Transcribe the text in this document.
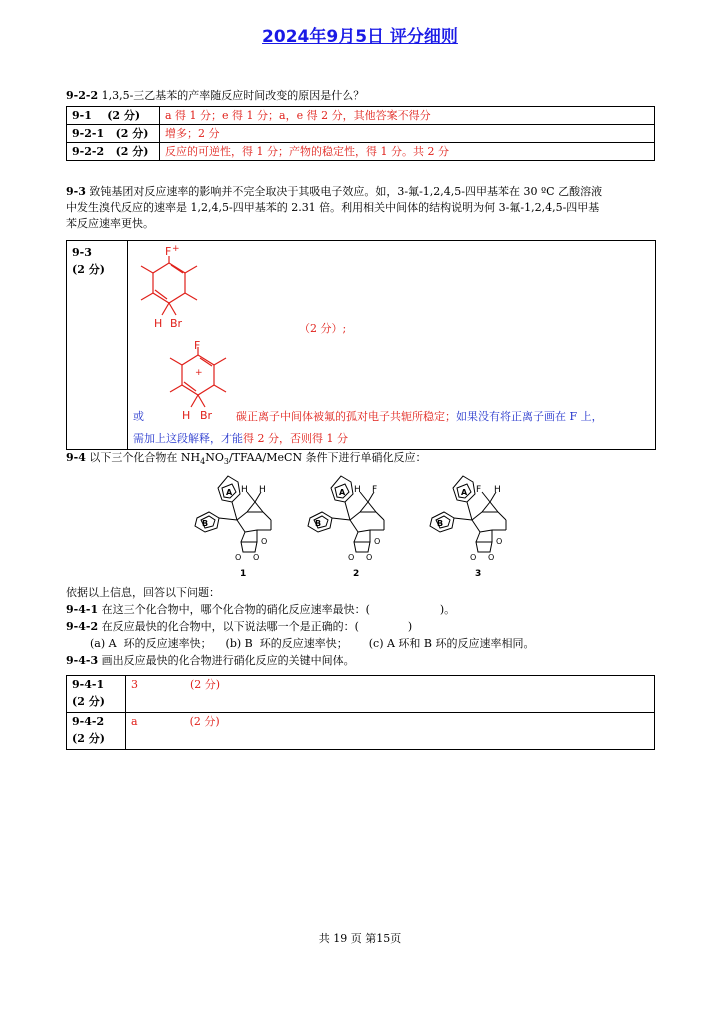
2024年9月5日 评分细则
9-2-2 1,3,5-三乙基苯的产率随反应时间改变的原因是什么？
9-1 (2 分)	a 得 1 分；e 得 1 分；a，e 得 2 分，其他答案不得分
9-2-1 (2 分)	增多；2 分
9-2-2 (2 分)	反应的可逆性，得 1 分；产物的稳定性，得 1 分。共 2 分
9-3 致钝基团对反应速率的影响并不完全取决于其吸电子效应。如，3-氟-1,2,4,5-四甲基苯在 30 ºC 乙酸溶液
中发生溴代反应的速率是 1,2,4,5-四甲基苯的 2.31 倍。利用相关中间体的结构说明为何 3-氟-1,2,4,5-四甲基
苯反应速率更快。
9-3
(2 分)
F +
H Br	（2 分）;
F
+
H Br
或	碳正离子中间体被氟的孤对电子共轭所稳定；如果没有将正离子画在 F 上，
需加上这段解释，才能得 2 分，否则得 1 分
9-4 以下三个化合物在 $NH_4NO_3/TFAA$/MeCN 条件下进行单硝化反应：
A
B
H H
O O
O
1
A
B
H F
O O
O
2
A
B
F H
O O
O
3
依据以上信息，回答以下问题：
9-4-1 在这三个化合物中，哪个化合物的硝化反应速率最快：(                    )。
9-4-2 在反应最快的化合物中，以下说法哪一个是正确的：(              )
(a) A  环的反应速率快；    (b) B  环的反应速率快；      (c) A 环和 B 环的反应速率相同。
9-4-3 画出反应最快的化合物进行硝化反应的关键中间体。
9-4-1
(2 分)	3 (2 分)

9-4-2
(2 分)	a (2 分)
共 19 页 第15页
